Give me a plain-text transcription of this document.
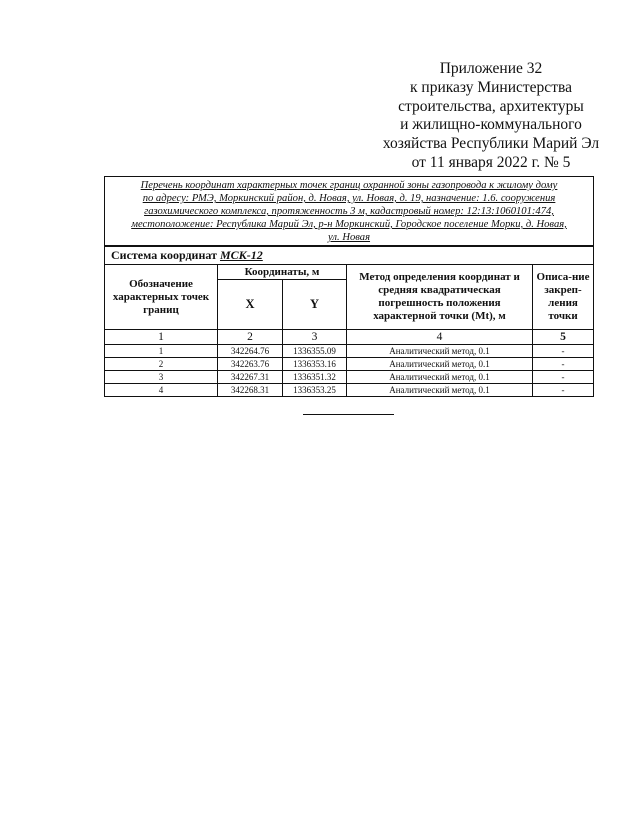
Приложение 32
к приказу Министерства
строительства, архитектуры
и жилищно-коммунального
хозяйства Республики Марий Эл
от 11 января 2022 г. № 5
Перечень координат характерных точек границ охранной зоны газопровода к жилому дому
по адресу: РМЭ, Моркинский район, д. Новая, ул. Новая, д. 19, назначение: 1.6. сооружения
газохимического комплекса, протяженность 3 м, кадастровый номер: 12:13:1060101:474,
местоположение: Республика Марий Эл, р-н Моркинский, Городское поселение Морки, д. Новая,
ул. Новая				

Система координат МСК-12				
Обозначение характерных точек границ	Координаты, м		Метод определения координат и средняя квадратическая погрешность положения характерной точки (Mt), м	Описа-ние закреп-ления точки
	X	Y		
1	2	3	4	5
1	342264.76	1336355.09	Аналитический метод, 0.1	-
2	342263.76	1336353.16	Аналитический метод, 0.1	-
3	342267.31	1336351.32	Аналитический метод, 0.1	-
4	342268.31	1336353.25	Аналитический метод, 0.1	-
